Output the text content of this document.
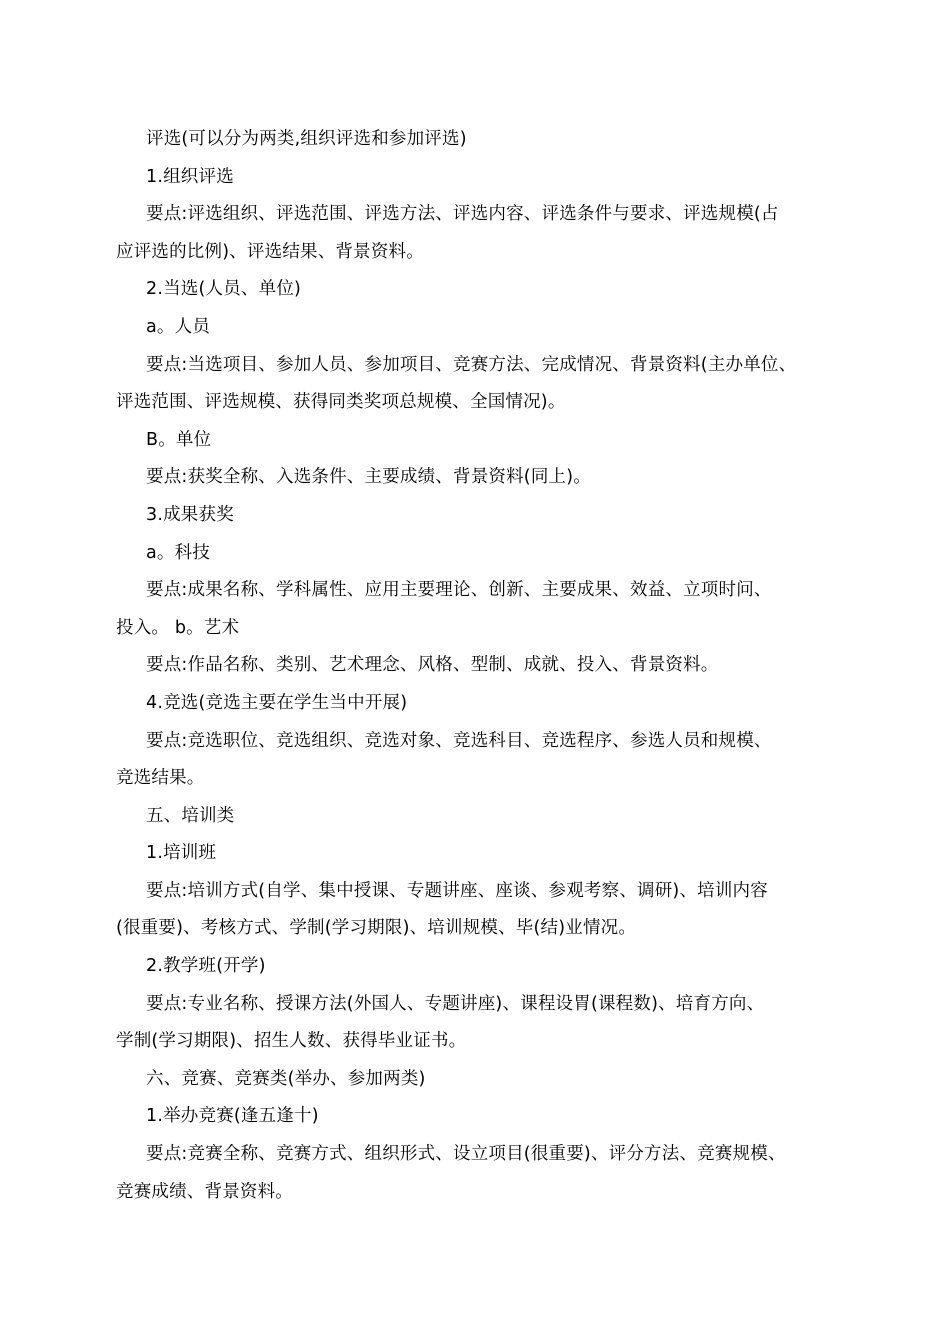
评选(可以分为两类,组织评选和参加评选)
1.组织评选
要点:评选组织、评选范围、评选方法、评选内容、评选条件与要求、评选规模(占
应评选的比例)、评选结果、背景资料。
2.当选(人员、单位)
a。人员
要点:当选项目、参加人员、参加项目、竞赛方法、完成情况、背景资料(主办单位、
评选范围、评选规模、获得同类奖项总规模、全国情况)。
B。单位
要点:获奖全称、入选条件、主要成绩、背景资料(同上)。
3.成果获奖
a。科技
要点:成果名称、学科属性、应用主要理论、创新、主要成果、效益、立项时问、
投入。 b。艺术
要点:作品名称、类别、艺术理念、风格、型制、成就、投入、背景资料。
4.竞选(竞选主要在学生当中开展)
要点:竞选职位、竞选组织、竞选对象、竞选科目、竞选程序、参选人员和规模、
竞选结果。
五、培训类
1.培训班
要点:培训方式(自学、集中授课、专题讲座、座谈、参观考察、调研)、培训内容
(很重要)、考核方式、学制(学习期限)、培训规模、毕(结)业情况。
2.教学班(开学)
要点:专业名称、授课方法(外国人、专题讲座)、课程设胃(课程数)、培育方向、
学制(学习期限)、招生人数、获得毕业证书。
六、竞赛、竞赛类(举办、参加两类)
1.举办竞赛(逢五逢十)
要点:竞赛全称、竞赛方式、组织形式、设立项目(很重要)、评分方法、竞赛规模、
竞赛成绩、背景资料。
